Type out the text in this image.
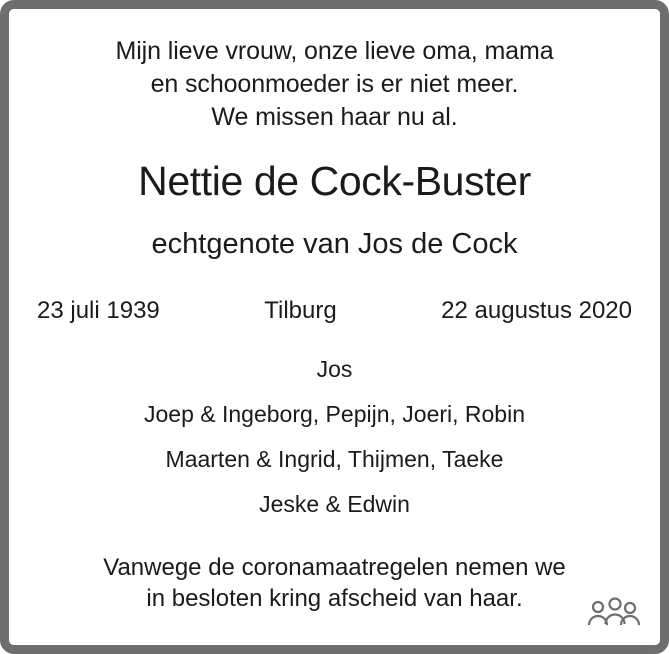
Mijn lieve vrouw, onze lieve oma, mama
en schoonmoeder is er niet meer.
We missen haar nu al.
Nettie de Cock-Buster
echtgenote van Jos de Cock
23 juli 1939	Tilburg	22 augustus 2020
Jos
Joep & Ingeborg, Pepijn, Joeri, Robin
Maarten & Ingrid, Thijmen, Taeke
Jeske & Edwin
Vanwege de coronamaatregelen nemen we
in besloten kring afscheid van haar.
